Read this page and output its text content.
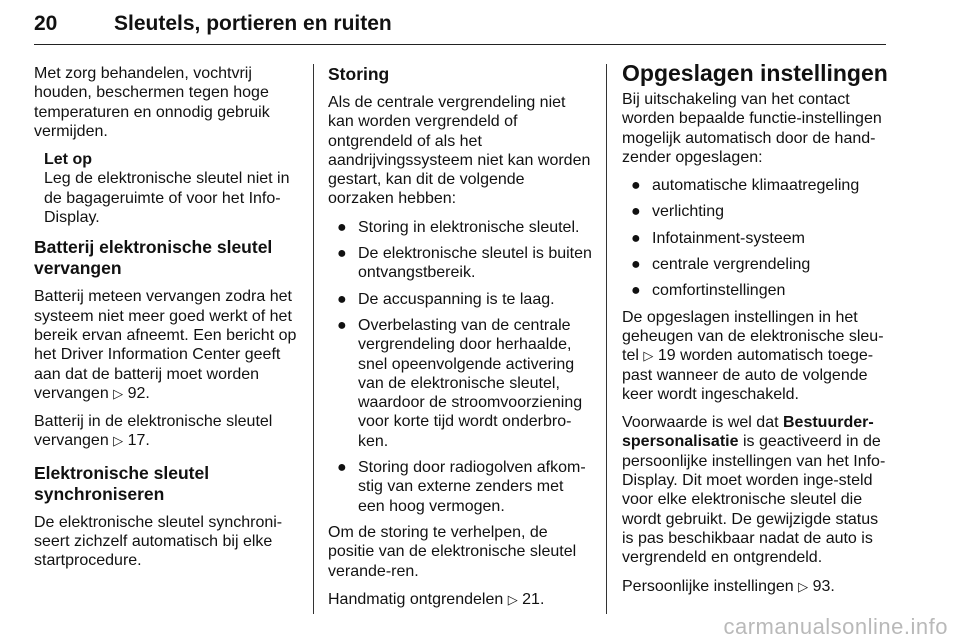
20	Sleutels, portieren en ruiten

Met zorg behandelen, vochtvrij houden, beschermen tegen hoge temperaturen en onnodig gebruik vermijden.

Let op
Leg de elektronische sleutel niet in de bagageruimte of voor het Info-Display.
Batterij elektronische sleutel vervangen

Batterij meteen vervangen zodra het systeem niet meer goed werkt of het bereik ervan afneemt. Een bericht op het Driver Information Center geeft aan dat de batterij moet worden vervangen ▷ 92.

Batterij in de elektronische sleutel vervangen ▷ 17.

Elektronische sleutel synchroniseren

De elektronische sleutel synchroni-seert zichzelf automatisch bij elke startprocedure.

Storing

Als de centrale vergrendeling niet kan worden vergrendeld of ontgrendeld of als het aandrijvingssysteem niet kan worden gestart, kan dit de volgende oorzaken hebben:

● Storing in elektronische sleutel.
● De elektronische sleutel is buiten ontvangstbereik.
● De accuspanning is te laag.
● Overbelasting van de centrale vergrendeling door herhaalde, snel opeenvolgende activering van de elektronische sleutel, waardoor de stroomvoorziening voor korte tijd wordt onderbro-ken.
● Storing door radiogolven afkom-stig van externe zenders met een hoog vermogen.

Om de storing te verhelpen, de positie van de elektronische sleutel verande-ren.

Handmatig ontgrendelen ▷ 21.

Opgeslagen instellingen

Bij uitschakeling van het contact worden bepaalde functie-instellingen mogelijk automatisch door de hand-zender opgeslagen:

● automatische klimaatregeling
● verlichting
● Infotainment-systeem
● centrale vergrendeling
● comfortinstellingen

De opgeslagen instellingen in het geheugen van de elektronische sleu-tel ▷ 19 worden automatisch toege-past wanneer de auto de volgende keer wordt ingeschakeld.

Voorwaarde is wel dat Bestuurder-spersonalisatie is geactiveerd in de persoonlijke instellingen van het Info-Display. Dit moet worden inge-steld voor elke elektronische sleutel die wordt gebruikt. De gewijzigde status is pas beschikbaar nadat de auto is vergrendeld en ontgrendeld.

Persoonlijke instellingen ▷ 93.

carmanualsonline.info
